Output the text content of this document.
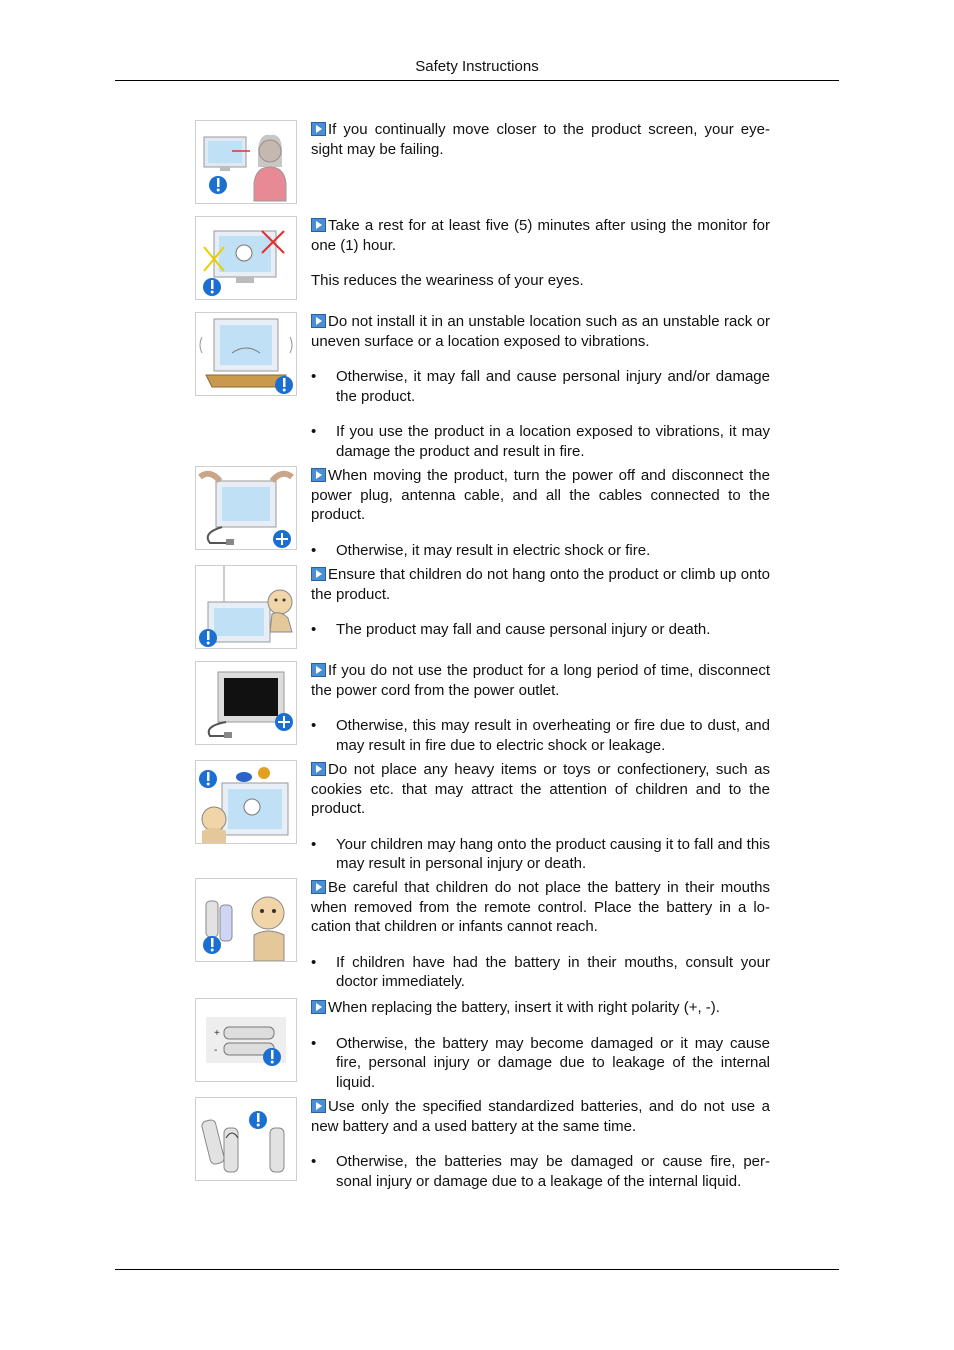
Safety Instructions

If you continually move closer to the product screen, your eye-sight may be failing.

Take a rest for at least five (5) minutes after using the monitor for one (1) hour.

This reduces the weariness of your eyes.

Do not install it in an unstable location such as an unstable rack or uneven surface or a location exposed to vibrations.

• Otherwise, it may fall and cause personal injury and/or damage the product.

• If you use the product in a location exposed to vibrations, it may damage the product and result in fire.

When moving the product, turn the power off and disconnect the power plug, antenna cable, and all the cables connected to the product.

• Otherwise, it may result in electric shock or fire.

Ensure that children do not hang onto the product or climb up onto the product.

• The product may fall and cause personal injury or death.

If you do not use the product for a long period of time, disconnect the power cord from the power outlet.

• Otherwise, this may result in overheating or fire due to dust, and may result in fire due to electric shock or leakage.

Do not place any heavy items or toys or confectionery, such as cookies etc. that may attract the attention of children and to the product.

• Your children may hang onto the product causing it to fall and this may result in personal injury or death.

Be careful that children do not place the battery in their mouths when removed from the remote control. Place the battery in a lo-cation that children or infants cannot reach.

• If children have had the battery in their mouths, consult your doctor immediately.

+
-

When replacing the battery, insert it with right polarity (+, -).

• Otherwise, the battery may become damaged or it may cause fire, personal injury or damage due to leakage of the internal liquid.

Use only the specified standardized batteries, and do not use a new battery and a used battery at the same time.

• Otherwise, the batteries may be damaged or cause fire, per-sonal injury or damage due to a leakage of the internal liquid.
